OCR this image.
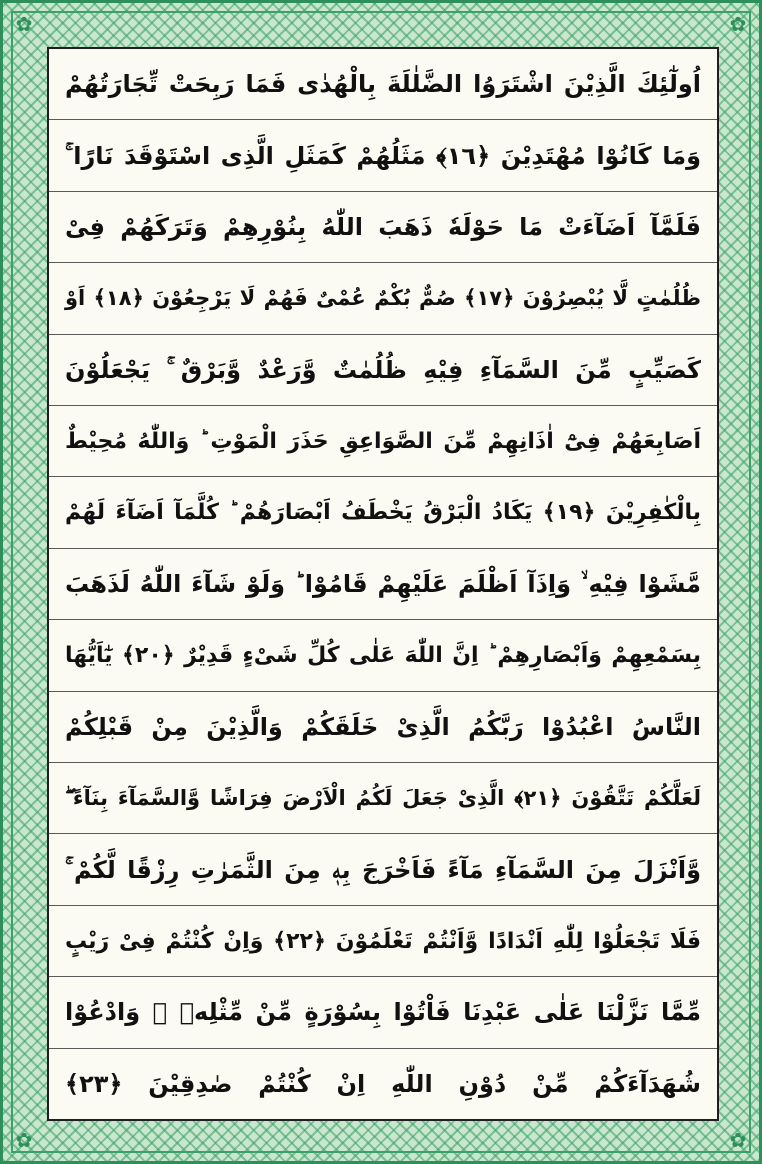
✿	✿
✿	✿
اُولٰٓئِكَ الَّذِيْنَ اشْتَرَوُا الضَّلٰلَةَ بِالْهُدٰى فَمَا رَبِحَتْ تِّجَارَتُهُمْ
وَمَا كَانُوْا مُهْتَدِيْنَ ﴿١٦﴾ مَثَلُهُمْ كَمَثَلِ الَّذِى اسْتَوْقَدَ نَارًا ۚ
فَلَمَّآ اَضَآءَتْ مَا حَوْلَهٗ ذَهَبَ اللّٰهُ بِنُوْرِهِمْ وَتَرَكَهُمْ فِىْ
ظُلُمٰتٍ لَّا يُبْصِرُوْنَ ﴿١٧﴾ صُمٌّ بُكْمٌ عُمْىٌ فَهُمْ لَا يَرْجِعُوْنَ ﴿١٨﴾ اَوْ
كَصَيِّبٍ مِّنَ السَّمَآءِ فِيْهِ ظُلُمٰتٌ وَّرَعْدٌ وَّبَرْقٌ ۚ يَجْعَلُوْنَ
اَصَابِعَهُمْ فِىْٓ اٰذَانِهِمْ مِّنَ الصَّوَاعِقِ حَذَرَ الْمَوْتِ ؕ وَاللّٰهُ مُحِيْطٌ
بِالْكٰفِرِيْنَ ﴿١٩﴾ يَكَادُ الْبَرْقُ يَخْطَفُ اَبْصَارَهُمْ ؕ كُلَّمَآ اَضَآءَ لَهُمْ
مَّشَوْا فِيْهِ ۙ وَاِذَآ اَظْلَمَ عَلَيْهِمْ قَامُوْا ؕ وَلَوْ شَآءَ اللّٰهُ لَذَهَبَ
بِسَمْعِهِمْ وَاَبْصَارِهِمْ ؕ اِنَّ اللّٰهَ عَلٰى كُلِّ شَىْءٍ قَدِيْرٌ ﴿٢٠﴾ يٰٓاَيُّهَا
النَّاسُ اعْبُدُوْا رَبَّكُمُ الَّذِىْ خَلَقَكُمْ وَالَّذِيْنَ مِنْ قَبْلِكُمْ
لَعَلَّكُمْ تَتَّقُوْنَ ﴿٢١﴾ الَّذِىْ جَعَلَ لَكُمُ الْاَرْضَ فِرَاشًا وَّالسَّمَآءَ بِنَآءً ۖ
وَّاَنْزَلَ مِنَ السَّمَآءِ مَآءً فَاَخْرَجَ بِهٖ مِنَ الثَّمَرٰتِ رِزْقًا لَّكُمْ ۚ
فَلَا تَجْعَلُوْا لِلّٰهِ اَنْدَادًا وَّاَنْتُمْ تَعْلَمُوْنَ ﴿٢٢﴾ وَاِنْ كُنْتُمْ فِىْ رَيْبٍ
مِّمَّا نَزَّلْنَا عَلٰى عَبْدِنَا فَاْتُوْا بِسُوْرَةٍ مِّنْ مِّثْلِهٖ ۖ وَادْعُوْا
شُهَدَآءَكُمْ مِّنْ دُوْنِ اللّٰهِ اِنْ كُنْتُمْ صٰدِقِيْنَ ﴿٢٣﴾
